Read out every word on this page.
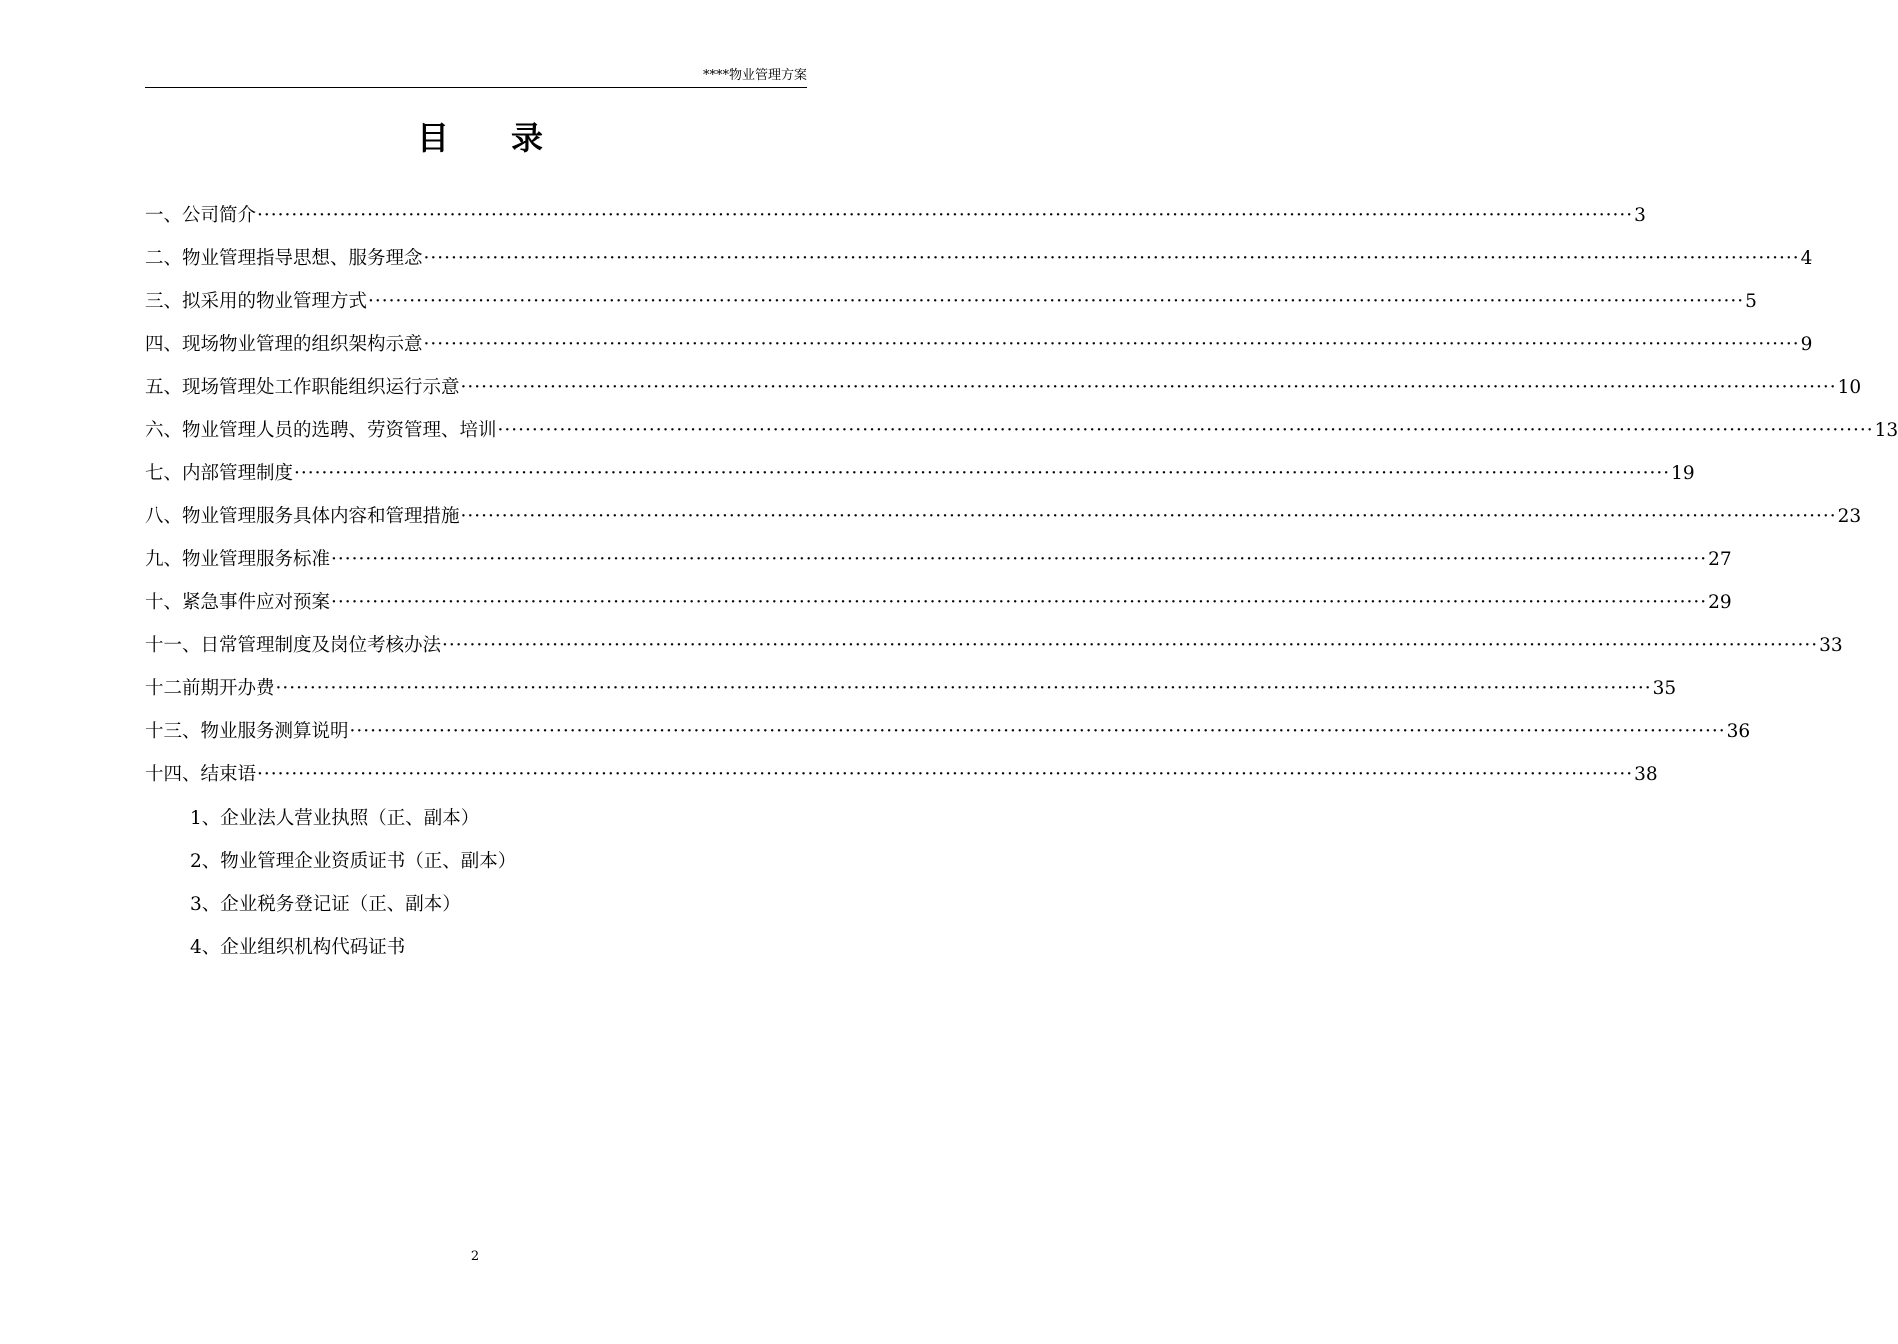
****物业管理方案
目 录
一、公司简介 ········································································································································································································ 3
二、物业管理指导思想、服务理念 ········································································································································································································ 4
三、拟采用的物业管理方式 ········································································································································································································ 5
四、现场物业管理的组织架构示意 ········································································································································································································ 9
五、现场管理处工作职能组织运行示意 ········································································································································································································ 10
六、物业管理人员的选聘、劳资管理、培训 ········································································································································································································ 13
七、内部管理制度 ········································································································································································································ 19
八、物业管理服务具体内容和管理措施 ········································································································································································································ 23
九、物业管理服务标准 ········································································································································································································ 27
十、紧急事件应对预案 ········································································································································································································ 29
十一、日常管理制度及岗位考核办法 ········································································································································································································ 33
十二前期开办费 ········································································································································································································ 35
十三、物业服务测算说明 ········································································································································································································ 36
十四、结束语 ········································································································································································································ 38
1、企业法人营业执照（正、副本）
2、物业管理企业资质证书（正、副本）
3、企业税务登记证（正、副本）
4、企业组织机构代码证书
2
